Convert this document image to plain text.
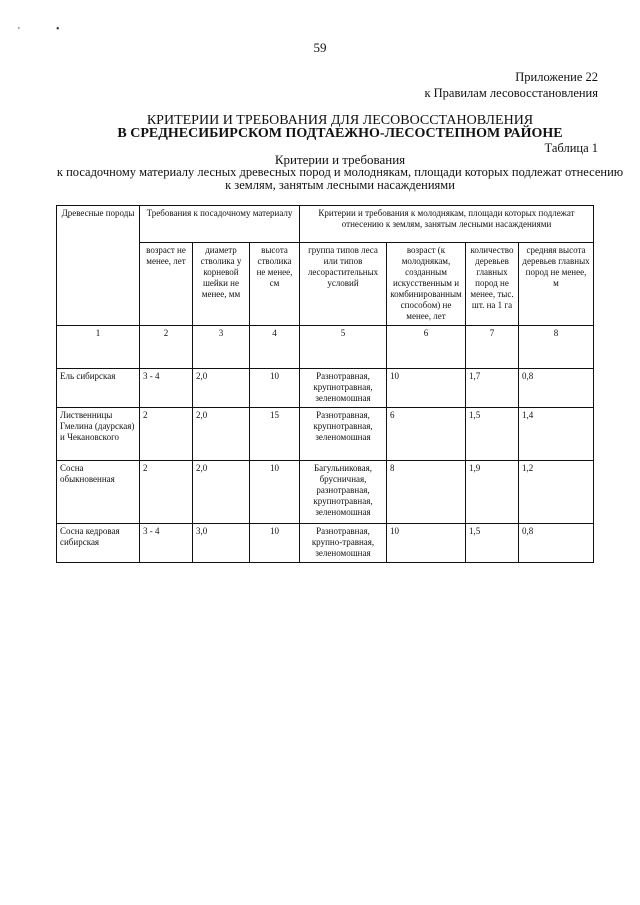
'	•
59
Приложение 22
к Правилам лесовосстановления
КРИТЕРИИ И ТРЕБОВАНИЯ ДЛЯ ЛЕСОВОССТАНОВЛЕНИЯ
В СРЕДНЕСИБИРСКОМ ПОДТАЕЖНО-ЛЕСОСТЕПНОМ РАЙОНЕ
Таблица 1
Критерии и требования
к посадочному материалу лесных древесных пород и молоднякам, площади которых подлежат отнесению
к землям, занятым лесными насаждениями
Древесные породы	Требования к посадочному материалу			Критерии и требования к молоднякам, площади которых подлежат отнесению к землям, занятым лесными насаждениями			
	возраст не менее, лет	диаметр стволика у корневой шейки не менее, мм	высота стволика не менее, см	группа типов леса или типов лесорастительных условий	возраст (к молоднякам, созданным искусственным и комбинированным способом) не менее, лет	количество деревьев главных пород не менее, тыс. шт. на 1 га	средняя высота деревьев главных пород не менее, м
1	2	3	4	5	6	7	8
Ель сибирская	3 - 4	2,0	10	Разнотравная, крупнотравная, зеленомошная	10	1,7	0,8
Лиственницы Гмелина (даурская) и Чекановского	2	2,0	15	Разнотравная, крупнотравная, зеленомошная	6	1,5	1,4
Сосна обыкновенная	2	2,0	10	Багульниковая, брусничная, разнотравная, крупнотравная, зеленомошная	8	1,9	1,2
Сосна кедровая сибирская	3 - 4	3,0	10	Разнотравная, крупно-травная, зеленомошная	10	1,5	0,8
